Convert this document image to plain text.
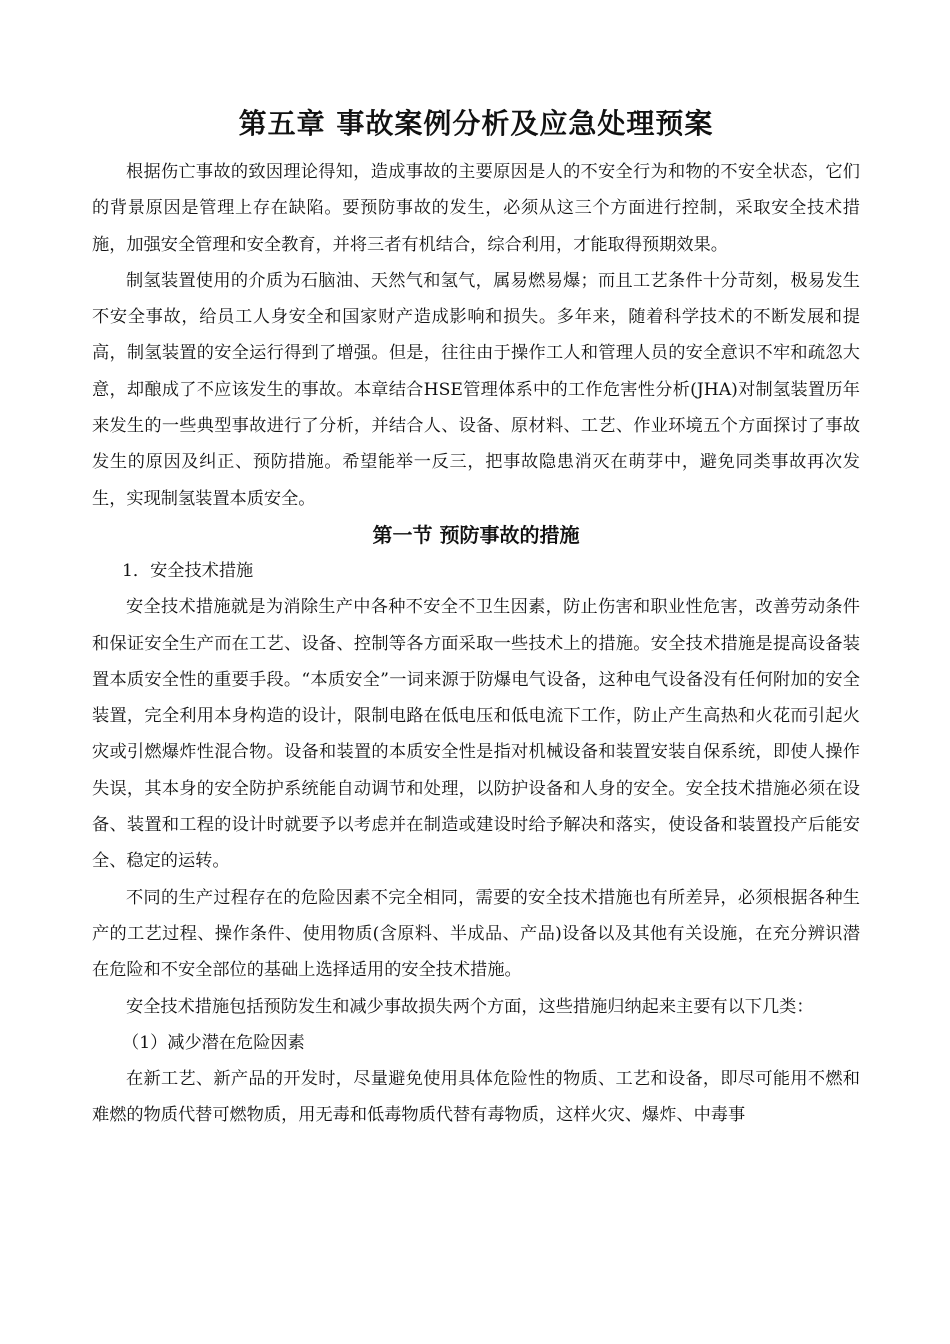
第五章 事故案例分析及应急处理预案

根据伤亡事故的致因理论得知，造成事故的主要原因是人的不安全行为和物的不安全状态，它们的背景原因是管理上存在缺陷。要预防事故的发生，必须从这三个方面进行控制，采取安全技术措施，加强安全管理和安全教育，并将三者有机结合，综合利用，才能取得预期效果。

制氢装置使用的介质为石脑油、天然气和氢气，属易燃易爆；而且工艺条件十分苛刻，极易发生不安全事故，给员工人身安全和国家财产造成影响和损失。多年来，随着科学技术的不断发展和提高，制氢装置的安全运行得到了增强。但是，往往由于操作工人和管理人员的安全意识不牢和疏忽大意，却酿成了不应该发生的事故。本章结合HSE管理体系中的工作危害性分析(JHA)对制氢装置历年来发生的一些典型事故进行了分析，并结合人、设备、原材料、工艺、作业环境五个方面探讨了事故发生的原因及纠正、预防措施。希望能举一反三，把事故隐患消灭在萌芽中，避免同类事故再次发生，实现制氢装置本质安全。

第一节 预防事故的措施

1．安全技术措施

安全技术措施就是为消除生产中各种不安全不卫生因素，防止伤害和职业性危害，改善劳动条件和保证安全生产而在工艺、设备、控制等各方面采取一些技术上的措施。安全技术措施是提高设备装置本质安全性的重要手段。“本质安全”一词来源于防爆电气设备，这种电气设备没有任何附加的安全装置，完全利用本身构造的设计，限制电路在低电压和低电流下工作，防止产生高热和火花而引起火灾或引燃爆炸性混合物。设备和装置的本质安全性是指对机械设备和装置安装自保系统，即使人操作失误，其本身的安全防护系统能自动调节和处理，以防护设备和人身的安全。安全技术措施必须在设备、装置和工程的设计时就要予以考虑并在制造或建设时给予解决和落实，使设备和装置投产后能安全、稳定的运转。

不同的生产过程存在的危险因素不完全相同，需要的安全技术措施也有所差异，必须根据各种生产的工艺过程、操作条件、使用物质(含原料、半成品、产品)设备以及其他有关设施，在充分辨识潜在危险和不安全部位的基础上选择适用的安全技术措施。

安全技术措施包括预防发生和减少事故损失两个方面，这些措施归纳起来主要有以下几类：

（1）减少潜在危险因素

在新工艺、新产品的开发时，尽量避免使用具体危险性的物质、工艺和设备，即尽可能用不燃和难燃的物质代替可燃物质，用无毒和低毒物质代替有毒物质，这样火灾、爆炸、中毒事
